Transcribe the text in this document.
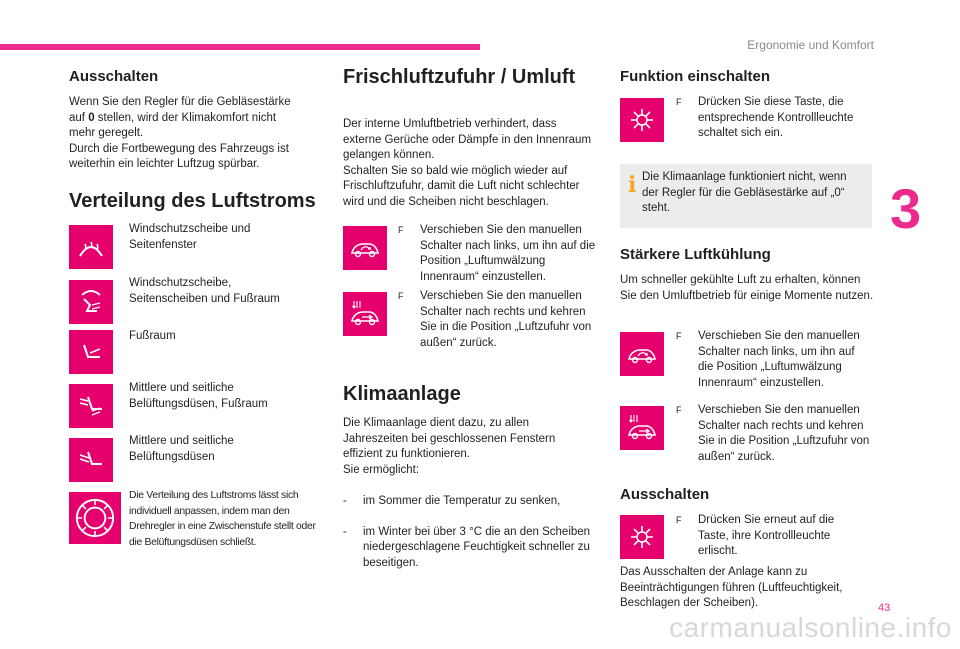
Ergonomie und Komfort
3
43
carmanualsonline.info
Ausschalten
Wenn Sie den Regler für die Gebläsestärke auf 0 stellen, wird der Klimakomfort nicht mehr geregelt.
Durch die Fortbewegung des Fahrzeugs ist weiterhin ein leichter Luftzug spürbar.
Verteilung des Luftstroms
Windschutzscheibe und Seitenfenster
Windschutzscheibe, Seitenscheiben und Fußraum
Fußraum
Mittlere und seitliche Belüftungsdüsen, Fußraum
Mittlere und seitliche Belüftungsdüsen
Die Verteilung des Luftstroms lässt sich individuell anpassen, indem man den Drehregler in eine Zwischenstufe stellt oder die Belüftungsdüsen schließt.
Frischluftzufuhr / Umluft
Der interne Umluftbetrieb verhindert, dass externe Gerüche oder Dämpfe in den Innenraum gelangen können.
Schalten Sie so bald wie möglich wieder auf Frischluftzufuhr, damit die Luft nicht schlechter wird und die Scheiben nicht beschlagen.
F Verschieben Sie den manuellen Schalter nach links, um ihn auf die Position „Luftumwälzung Innenraum“ einzustellen.
F Verschieben Sie den manuellen Schalter nach rechts und kehren Sie in die Position „Luftzufuhr von außen“ zurück.
Klimaanlage
Die Klimaanlage dient dazu, zu allen Jahreszeiten bei geschlossenen Fenstern effizient zu funktionieren.
Sie ermöglicht:

- im Sommer die Temperatur zu senken,

- im Winter bei über 3 °C die an den Scheiben niedergeschlagene Feuchtigkeit schneller zu beseitigen.

Funktion einschalten
F Drücken Sie diese Taste, die entsprechende Kontrollleuchte schaltet sich ein.
i Die Klimaanlage funktioniert nicht, wenn der Regler für die Gebläsestärke auf „0“ steht.
Stärkere Luftkühlung
Um schneller gekühlte Luft zu erhalten, können Sie den Umluftbetrieb für einige Momente nutzen.
F Verschieben Sie den manuellen Schalter nach links, um ihn auf die Position „Luftumwälzung Innenraum“ einzustellen.
F Verschieben Sie den manuellen Schalter nach rechts und kehren Sie in die Position „Luftzufuhr von außen“ zurück.
Ausschalten
F Drücken Sie erneut auf die Taste, ihre Kontrollleuchte erlischt.
Das Ausschalten der Anlage kann zu Beeinträchtigungen führen (Luftfeuchtigkeit, Beschlagen der Scheiben).
